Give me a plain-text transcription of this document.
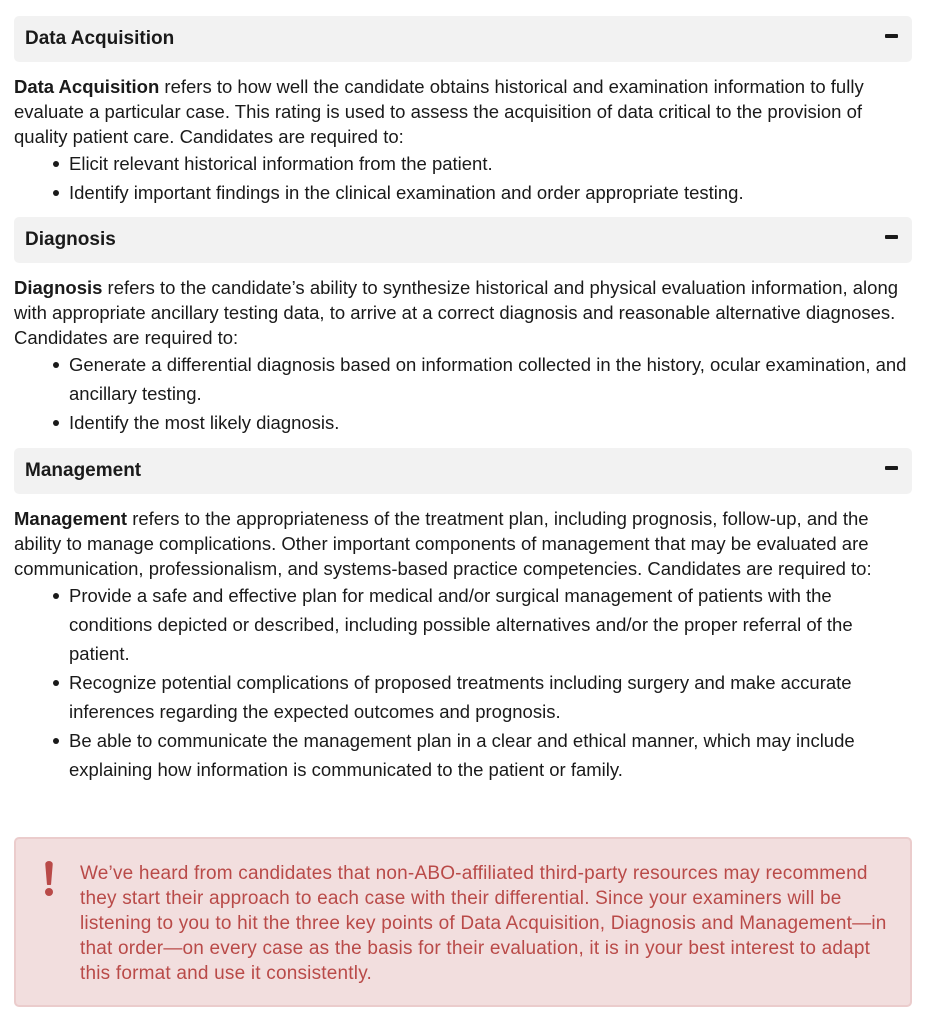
Data Acquisition

Data Acquisition refers to how well the candidate obtains historical and examination information to fully evaluate a particular case. This rating is used to assess the acquisition of data critical to the provision of quality patient care. Candidates are required to:

Elicit relevant historical information from the patient.
Identify important findings in the clinical examination and order appropriate testing.
Diagnosis

Diagnosis refers to the candidate’s ability to synthesize historical and physical evaluation information, along with appropriate ancillary testing data, to arrive at a correct diagnosis and reasonable alternative diagnoses. Candidates are required to:

Generate a differential diagnosis based on information collected in the history, ocular examination, and ancillary testing.
Identify the most likely diagnosis.
Management

Management refers to the appropriateness of the treatment plan, including prognosis, follow-up, and the ability to manage complications. Other important components of management that may be evaluated are communication, professionalism, and systems-based practice competencies. Candidates are required to:

Provide a safe and effective plan for medical and/or surgical management of patients with the conditions depicted or described, including possible alternatives and/or the proper referral of the patient.
Recognize potential complications of proposed treatments including surgery and make accurate inferences regarding the expected outcomes and prognosis.
Be able to communicate the management plan in a clear and ethical manner, which may include explaining how information is communicated to the patient or family.
We’ve heard from candidates that non-ABO-affiliated third-party resources may recommend they start their approach to each case with their differential. Since your examiners will be listening to you to hit the three key points of Data Acquisition, Diagnosis and Management—in that order—on every case as the basis for their evaluation, it is in your best interest to adapt this format and use it consistently.
